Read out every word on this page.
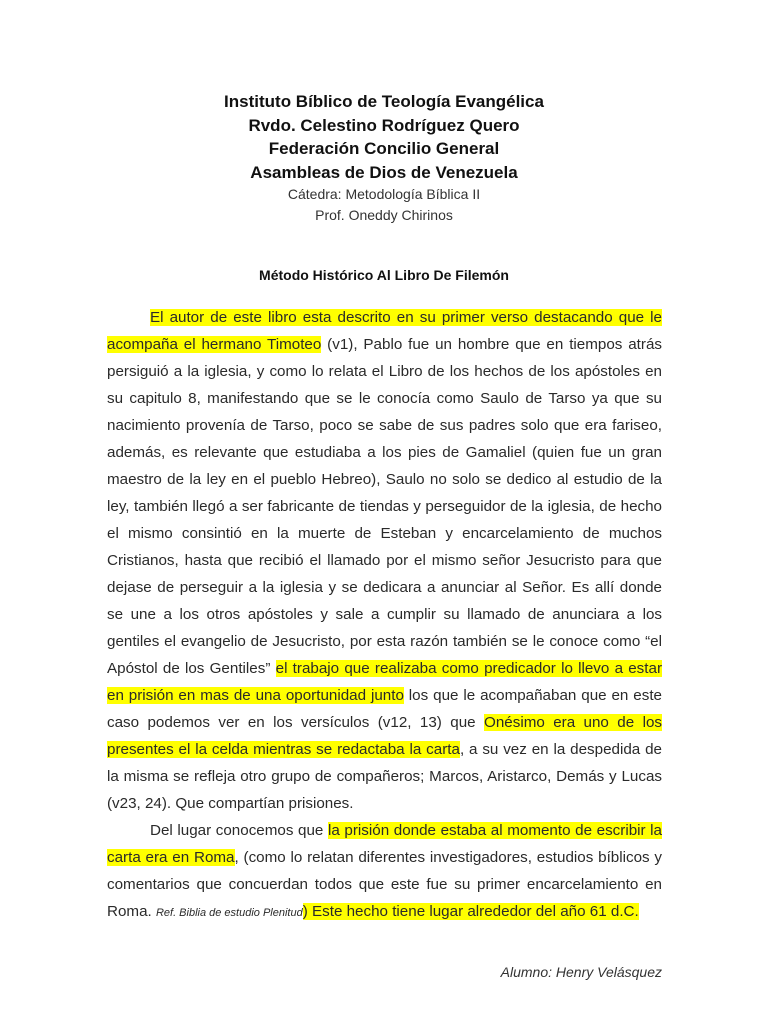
Instituto Bíblico de Teología Evangélica
Rvdo. Celestino Rodríguez Quero
Federación Concilio General
Asambleas de Dios de Venezuela
Cátedra: Metodología Bíblica II
Prof. Oneddy Chirinos
Método Histórico Al Libro De Filemón

El autor de este libro esta descrito en su primer verso destacando que le acompaña el hermano Timoteo (v1), Pablo fue un hombre que en tiempos atrás persiguió a la iglesia, y como lo relata el Libro de los hechos de los apóstoles en su capitulo 8, manifestando que se le conocía como Saulo de Tarso ya que su nacimiento provenía de Tarso, poco se sabe de sus padres solo que era fariseo, además, es relevante que estudiaba a los pies de Gamaliel (quien fue un gran maestro de la ley en el pueblo Hebreo), Saulo no solo se dedico al estudio de la ley, también llegó a ser fabricante de tiendas y perseguidor de la iglesia, de hecho el mismo consintió en la muerte de Esteban y encarcelamiento de muchos Cristianos, hasta que recibió el llamado por el mismo señor Jesucristo para que dejase de perseguir a la iglesia y se dedicara a anunciar al Señor. Es allí donde se une a los otros apóstoles y sale a cumplir su llamado de anunciara a los gentiles el evangelio de Jesucristo, por esta razón también se le conoce como “el Apóstol de los Gentiles” el trabajo que realizaba como predicador lo llevo a estar en prisión en mas de una oportunidad junto los que le acompañaban que en este caso podemos ver en los versículos (v12, 13) que Onésimo era uno de los presentes el la celda mientras se redactaba la carta, a su vez en la despedida de la misma se refleja otro grupo de compañeros; Marcos, Aristarco, Demás y Lucas (v23, 24). Que compartían prisiones.

Del lugar conocemos que la prisión donde estaba al momento de escribir la carta era en Roma, (como lo relatan diferentes investigadores, estudios bíblicos y comentarios que concuerdan todos que este fue su primer encarcelamiento en Roma. Ref. Biblia de estudio Plenitud) Este hecho tiene lugar alrededor del año 61 d.C.

Alumno: Henry Velásquez
